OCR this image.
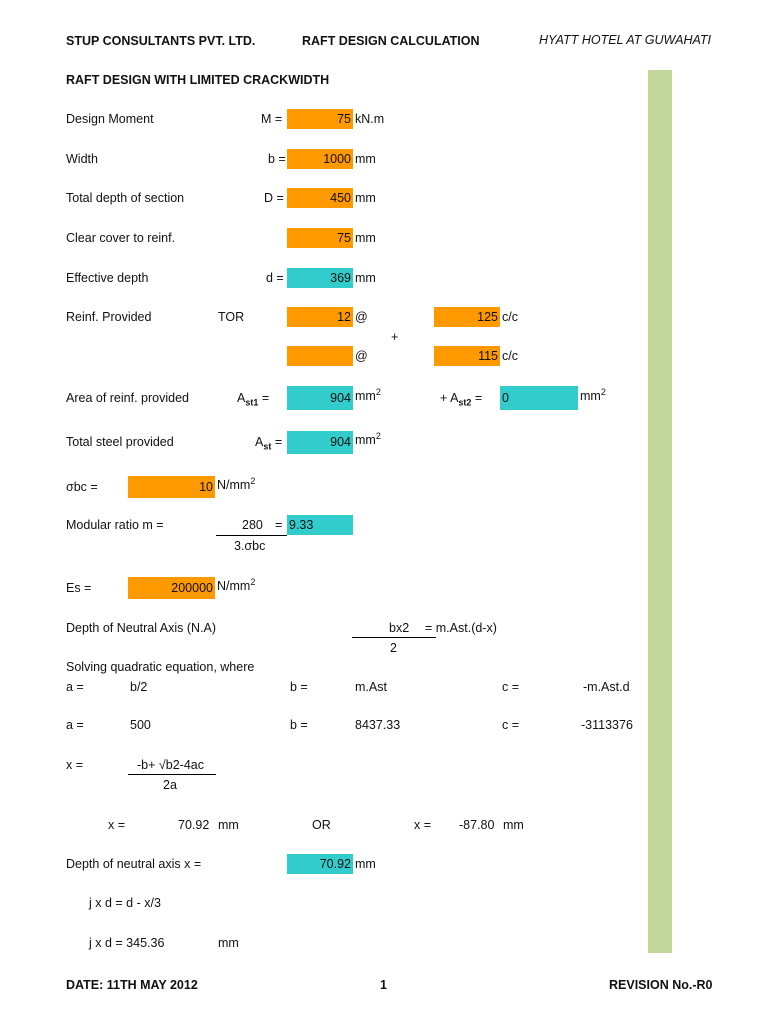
STUP CONSULTANTS PVT. LTD.	RAFT DESIGN CALCULATION	HYATT HOTEL AT GUWAHATI
RAFT DESIGN WITH LIMITED CRACKWIDTH
Design Moment	M =	75 kN.m
Width	b =	1000 mm
Total depth of section	D =	450 mm
Clear cover to reinf.	75 mm
Effective depth	d =	369 mm
Reinf. Provided	TOR	12 @	125 c/c
+
@	115 c/c
Area of reinf. provided	$A_{st1}$ =	904 $mm^2$	+ $A_{st2} = 0$	$mm^2$
Total steel provided	$A_{st}$ =	904 $mm^2$
σbc =	10 $N/mm^2$
Modular ratio m =	280 = 9.33
3.σbc
Es =	200000 $N/mm^2$
Depth of Neutral Axis (N.A)	bx2 = m.Ast.(d-x)
2
Solving quadratic equation, where
a =	b/2	b =	m.Ast	c =	-m.Ast.d
a =	500	b =	8437.33	c =	-3113376
x =	-b+ √b2-4ac
2a
x =	70.92 mm	OR	x = -87.80 mm
Depth of neutral axis x =	70.92 mm
j x d = d - x/3
j x d = 345.36	mm
DATE: 11TH MAY 2012	1	REVISION No.-R0
